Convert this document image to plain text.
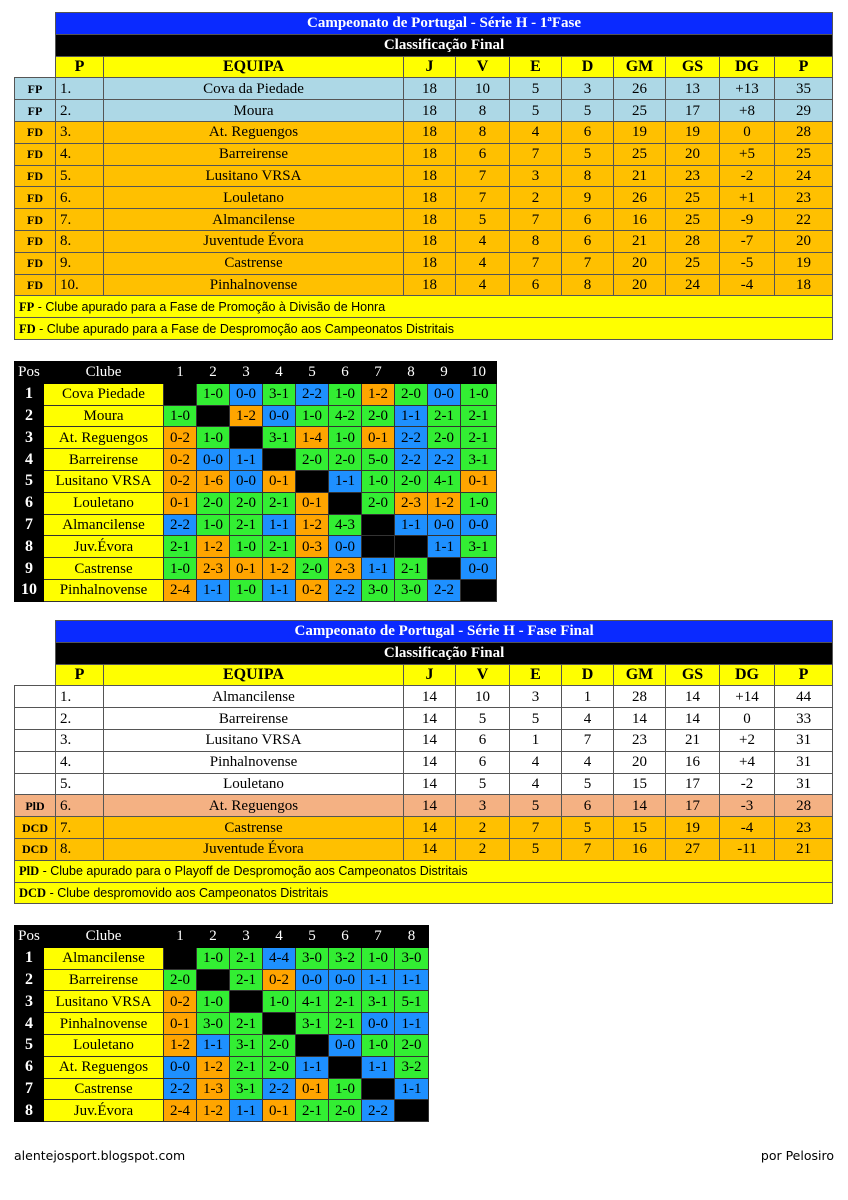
	Campeonato de Portugal - Série H - 1ªFase									
	Classificação Final									
	P	EQUIPA	J	V	E	D	GM	GS	DG	P
FP	1.	Cova da Piedade	18	10	5	3	26	13	+13	35
FP	2.	Moura	18	8	5	5	25	17	+8	29
FD	3.	At. Reguengos	18	8	4	6	19	19	0	28
FD	4.	Barreirense	18	6	7	5	25	20	+5	25
FD	5.	Lusitano VRSA	18	7	3	8	21	23	-2	24
FD	6.	Louletano	18	7	2	9	26	25	+1	23
FD	7.	Almancilense	18	5	7	6	16	25	-9	22
FD	8.	Juventude Évora	18	4	8	6	21	28	-7	20
FD	9.	Castrense	18	4	7	7	20	25	-5	19
FD	10.	Pinhalnovense	18	4	6	8	20	24	-4	18
FP - Clube apurado para a Fase de Promoção à Divisão de Honra										
FD - Clube apurado para a Fase de Despromoção aos Campeonatos Distritais										
Pos	Clube	1	2	3	4	5	6	7	8	9	10
1	Cova Piedade		1-0	0-0	3-1	2-2	1-0	1-2	2-0	0-0	1-0
2	Moura	1-0		1-2	0-0	1-0	4-2	2-0	1-1	2-1	2-1
3	At. Reguengos	0-2	1-0		3-1	1-4	1-0	0-1	2-2	2-0	2-1
4	Barreirense	0-2	0-0	1-1		2-0	2-0	5-0	2-2	2-2	3-1
5	Lusitano VRSA	0-2	1-6	0-0	0-1		1-1	1-0	2-0	4-1	0-1
6	Louletano	0-1	2-0	2-0	2-1	0-1		2-0	2-3	1-2	1-0
7	Almancilense	2-2	1-0	2-1	1-1	1-2	4-3		1-1	0-0	0-0
8	Juv.Évora	2-1	1-2	1-0	2-1	0-3	0-0			1-1	3-1
9	Castrense	1-0	2-3	0-1	1-2	2-0	2-3	1-1	2-1		0-0
10	Pinhalnovense	2-4	1-1	1-0	1-1	0-2	2-2	3-0	3-0	2-2	
	Campeonato de Portugal - Série H - Fase Final									
	Classificação Final									
	P	EQUIPA	J	V	E	D	GM	GS	DG	P
	1.	Almancilense	14	10	3	1	28	14	+14	44
	2.	Barreirense	14	5	5	4	14	14	0	33
	3.	Lusitano VRSA	14	6	1	7	23	21	+2	31
	4.	Pinhalnovense	14	6	4	4	20	16	+4	31
	5.	Louletano	14	5	4	5	15	17	-2	31
PlD	6.	At. Reguengos	14	3	5	6	14	17	-3	28
DCD	7.	Castrense	14	2	7	5	15	19	-4	23
DCD	8.	Juventude Évora	14	2	5	7	16	27	-11	21
PlD - Clube apurado para o Playoff de Despromoção aos Campeonatos Distritais										
DCD - Clube despromovido aos Campeonatos Distritais										
Pos	Clube	1	2	3	4	5	6	7	8
1	Almancilense		1-0	2-1	4-4	3-0	3-2	1-0	3-0
2	Barreirense	2-0		2-1	0-2	0-0	0-0	1-1	1-1
3	Lusitano VRSA	0-2	1-0		1-0	4-1	2-1	3-1	5-1
4	Pinhalnovense	0-1	3-0	2-1		3-1	2-1	0-0	1-1
5	Louletano	1-2	1-1	3-1	2-0		0-0	1-0	2-0
6	At. Reguengos	0-0	1-2	2-1	2-0	1-1		1-1	3-2
7	Castrense	2-2	1-3	3-1	2-2	0-1	1-0		1-1
8	Juv.Évora	2-4	1-2	1-1	0-1	2-1	2-0	2-2	
alentejosport.blogspot.com	por Pelosiro
